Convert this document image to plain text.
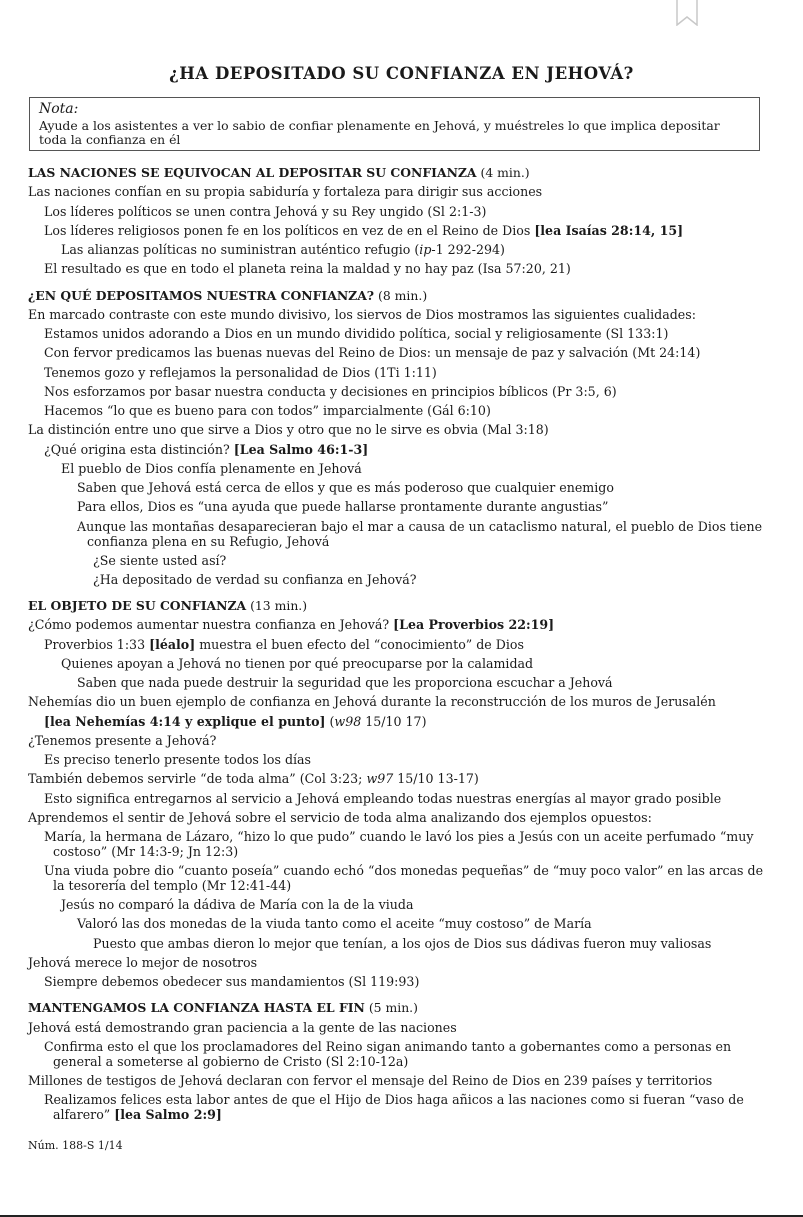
¿HA DEPOSITADO SU CONFIANZA EN JEHOVÁ?
Nota:
Ayude a los asistentes a ver lo sabio de confiar plenamente en Jehová, y muéstreles lo que implica depositar toda la confianza en él
LAS NACIONES SE EQUIVOCAN AL DEPOSITAR SU CONFIANZA (4 min.)
Las naciones confían en su propia sabiduría y fortaleza para dirigir sus acciones
Los líderes políticos se unen contra Jehová y su Rey ungido (Sl 2:1-3)
Los líderes religiosos ponen fe en los políticos en vez de en el Reino de Dios [lea Isaías 28:14, 15]
Las alianzas políticas no suministran auténtico refugio (ip-1 292-294)
El resultado es que en todo el planeta reina la maldad y no hay paz (Isa 57:20, 21)
¿EN QUÉ DEPOSITAMOS NUESTRA CONFIANZA? (8 min.)
En marcado contraste con este mundo divisivo, los siervos de Dios mostramos las siguientes cualidades:
Estamos unidos adorando a Dios en un mundo dividido política, social y religiosamente (Sl 133:1)
Con fervor predicamos las buenas nuevas del Reino de Dios: un mensaje de paz y salvación (Mt 24:14)
Tenemos gozo y reflejamos la personalidad de Dios (1Ti 1:11)
Nos esforzamos por basar nuestra conducta y decisiones en principios bíblicos (Pr 3:5, 6)
Hacemos “lo que es bueno para con todos” imparcialmente (Gál 6:10)
La distinción entre uno que sirve a Dios y otro que no le sirve es obvia (Mal 3:18)
¿Qué origina esta distinción? [Lea Salmo 46:1-3]
El pueblo de Dios confía plenamente en Jehová
Saben que Jehová está cerca de ellos y que es más poderoso que cualquier enemigo
Para ellos, Dios es “una ayuda que puede hallarse prontamente durante angustias”
Aunque las montañas desaparecieran bajo el mar a causa de un cataclismo natural, el pueblo de Dios tiene confianza plena en su Refugio, Jehová
¿Se siente usted así?
¿Ha depositado de verdad su confianza en Jehová?
EL OBJETO DE SU CONFIANZA (13 min.)
¿Cómo podemos aumentar nuestra confianza en Jehová? [Lea Proverbios 22:19]
Proverbios 1:33 [léalo] muestra el buen efecto del “conocimiento” de Dios
Quienes apoyan a Jehová no tienen por qué preocuparse por la calamidad
Saben que nada puede destruir la seguridad que les proporciona escuchar a Jehová
Nehemías dio un buen ejemplo de confianza en Jehová durante la reconstrucción de los muros de Jerusalén
[lea Nehemías 4:14 y explique el punto] (w98 15/10 17)
¿Tenemos presente a Jehová?
Es preciso tenerlo presente todos los días
También debemos servirle “de toda alma” (Col 3:23; w97 15/10 13-17)
Esto significa entregarnos al servicio a Jehová empleando todas nuestras energías al mayor grado posible
Aprendemos el sentir de Jehová sobre el servicio de toda alma analizando dos ejemplos opuestos:
María, la hermana de Lázaro, “hizo lo que pudo” cuando le lavó los pies a Jesús con un aceite perfumado “muy costoso” (Mr 14:3-9; Jn 12:3)
Una viuda pobre dio “cuanto poseía” cuando echó “dos monedas pequeñas” de “muy poco valor” en las arcas de la tesorería del templo (Mr 12:41-44)
Jesús no comparó la dádiva de María con la de la viuda
Valoró las dos monedas de la viuda tanto como el aceite “muy costoso” de María
Puesto que ambas dieron lo mejor que tenían, a los ojos de Dios sus dádivas fueron muy valiosas
Jehová merece lo mejor de nosotros
Siempre debemos obedecer sus mandamientos (Sl 119:93)
MANTENGAMOS LA CONFIANZA HASTA EL FIN (5 min.)
Jehová está demostrando gran paciencia a la gente de las naciones
Confirma esto el que los proclamadores del Reino sigan animando tanto a gobernantes como a personas en general a someterse al gobierno de Cristo (Sl 2:10-12a)
Millones de testigos de Jehová declaran con fervor el mensaje del Reino de Dios en 239 países y territorios
Realizamos felices esta labor antes de que el Hijo de Dios haga añicos a las naciones como si fueran “vaso de alfarero” [lea Salmo 2:9]
Núm. 188-S 1/14
